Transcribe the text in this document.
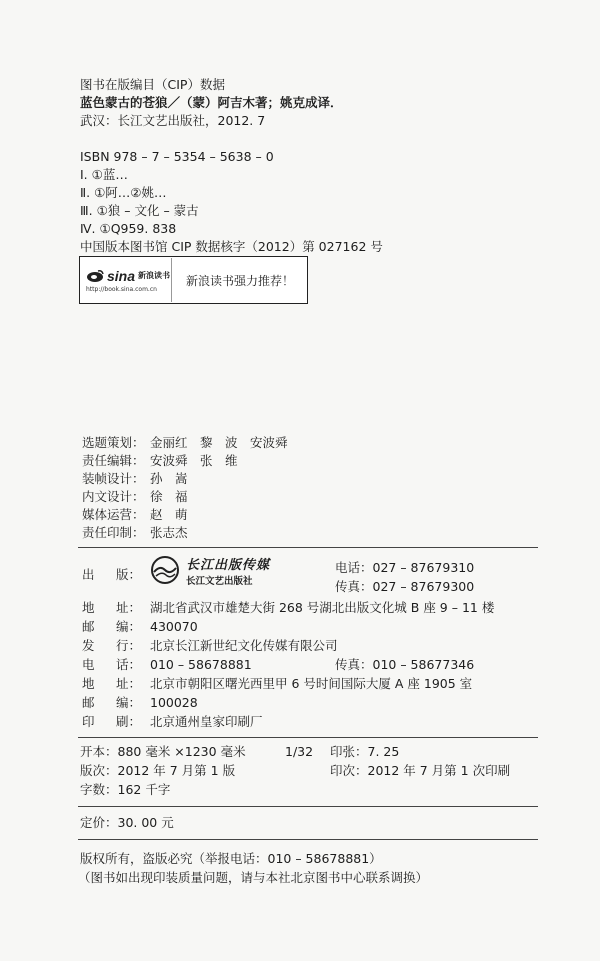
图书在版编目（CIP）数据
蓝色蒙古的苍狼／（蒙）阿吉木著；姚克成译．
武汉：长江文艺出版社，2012. 7
ISBN 978 – 7 – 5354 – 5638 – 0
Ⅰ. ①蓝…
Ⅱ. ①阿…②姚…
Ⅲ. ①狼 – 文化 – 蒙古
Ⅳ. ①Q959. 838
中国版本图书馆 CIP 数据核字（2012）第 027162 号
sina 新浪读书
http://book.sina.com.cn
新浪读书强力推荐！
选题策划： 金丽红　黎　波　安波舜
责任编辑： 安波舜　张　维
装帧设计： 孙　嵩
内文设计： 徐　福
媒体运营： 赵　萌
责任印制： 张志杰
出 版：
长江出版传媒
长江文艺出版社
电话：027 – 87679310
传真：027 – 87679300
地 址： 湖北省武汉市雄楚大街 268 号湖北出版文化城 B 座 9 – 11 楼
邮 编： 430070
发 行： 北京长江新世纪文化传媒有限公司
电 话： 010 – 58678881	传真：010 – 58677346
地 址： 北京市朝阳区曙光西里甲 6 号时间国际大厦 A 座 1905 室
邮 编： 100028
印 刷： 北京通州皇家印刷厂
开本：880 毫米 ×1230 毫米	1/32 印张：7. 25
版次：2012 年 7 月第 1 版	印次：2012 年 7 月第 1 次印刷
字数：162 千字
定价：30. 00 元
版权所有，盗版必究（举报电话：010 – 58678881）
（图书如出现印装质量问题，请与本社北京图书中心联系调换）
